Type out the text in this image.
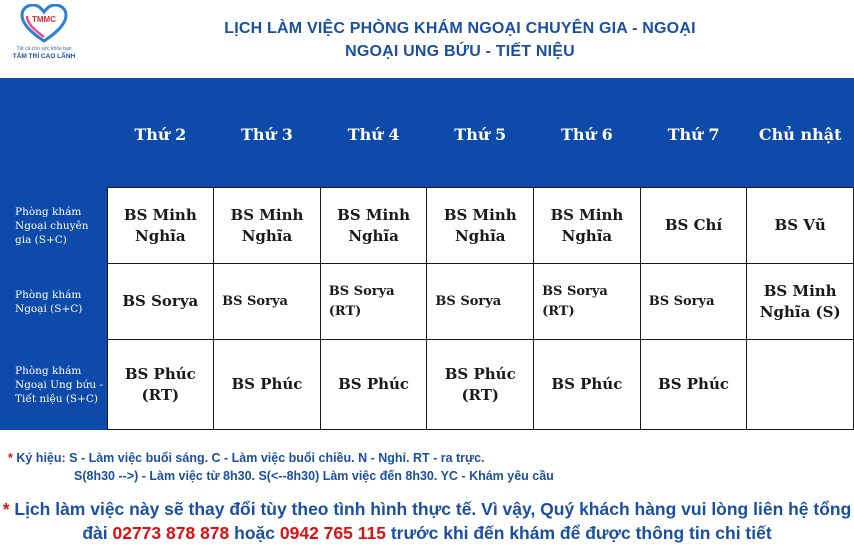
TMMC
Tất cả cho sức khỏe bạn
TÂM TRÍ CAO LÃNH
LỊCH LÀM VIỆC PHÒNG KHÁM NGOẠI CHUYÊN GIA - NGOẠI
NGOẠI UNG BỨU - TIẾT NIỆU
	Thứ 2	Thứ 3	Thứ 4	Thứ 5	Thứ 6	Thứ 7	Chủ nhật
Phòng khám Ngoại chuyên gia (S+C)	BS Minh Nghĩa	BS Minh Nghĩa	BS Minh Nghĩa	BS Minh Nghĩa	BS Minh Nghĩa	BS Chí	BS Vũ
Phòng khám Ngoại (S+C)	BS Sorya	BS Sorya	BS Sorya (RT)	BS Sorya	BS Sorya (RT)	BS Sorya	BS Minh Nghĩa (S)
Phòng khám Ngoại Ung bứu - Tiết niệu (S+C)	BS Phúc (RT)	BS Phúc	BS Phúc	BS Phúc (RT)	BS Phúc	BS Phúc	
* Ký hiệu: S - Làm việc buổi sáng. C - Làm việc buổi chiều. N - Nghỉ. RT - ra trực.
S(8h30 -->) - Làm việc từ 8h30. S(<--8h30) Làm việc đến 8h30. YC - Khám yêu cầu
* Lịch làm việc này sẽ thay đổi tùy theo tình hình thực tế. Vì vậy, Quý khách hàng vui lòng liên hệ tổng đài 02773 878 878 hoặc 0942 765 115 trước khi đến khám để được thông tin chi tiết
